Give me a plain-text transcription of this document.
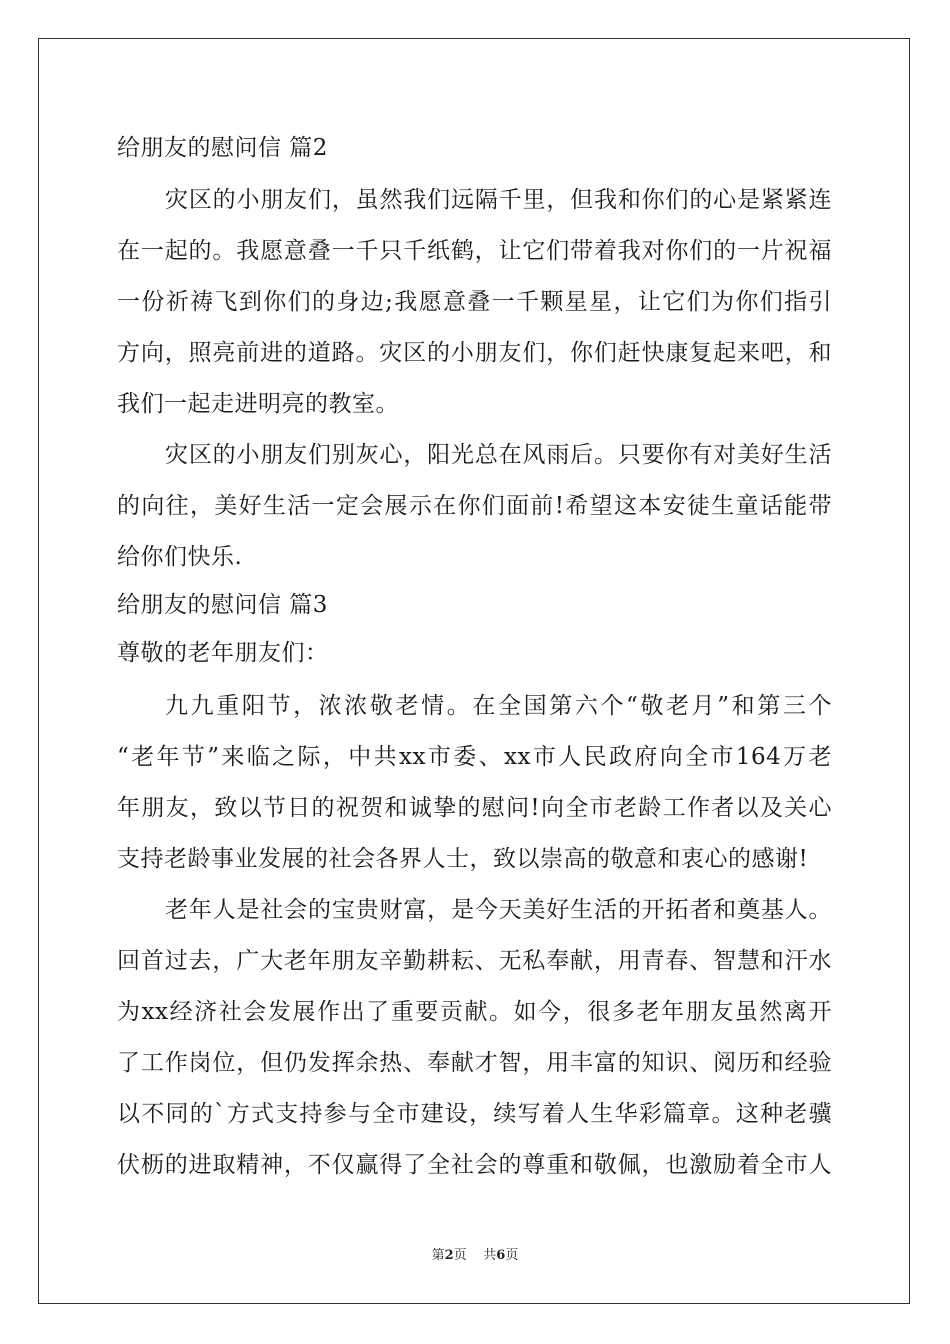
给朋友的慰问信 篇2
灾区的小朋友们，虽然我们远隔千里，但我和你们的心是紧紧连
在一起的。我愿意叠一千只千纸鹤，让它们带着我对你们的一片祝福
一份祈祷飞到你们的身边;我愿意叠一千颗星星，让它们为你们指引
方向，照亮前进的道路。灾区的小朋友们，你们赶快康复起来吧，和
我们一起走进明亮的教室。
灾区的小朋友们别灰心，阳光总在风雨后。只要你有对美好生活
的向往，美好生活一定会展示在你们面前!希望这本安徒生童话能带
给你们快乐.
给朋友的慰问信 篇3
尊敬的老年朋友们：
九九重阳节，浓浓敬老情。在全国第六个“敬老月”和第三个
“老年节”来临之际，中共xx市委、xx市人民政府向全市164万老
年朋友，致以节日的祝贺和诚挚的慰问!向全市老龄工作者以及关心
支持老龄事业发展的社会各界人士，致以崇高的敬意和衷心的感谢!
老年人是社会的宝贵财富，是今天美好生活的开拓者和奠基人。
回首过去，广大老年朋友辛勤耕耘、无私奉献，用青春、智慧和汗水
为xx经济社会发展作出了重要贡献。如今，很多老年朋友虽然离开
了工作岗位，但仍发挥余热、奉献才智，用丰富的知识、阅历和经验
以不同的`方式支持参与全市建设，续写着人生华彩篇章。这种老骥
伏枥的进取精神，不仅赢得了全社会的尊重和敬佩，也激励着全市人
第2页 共6页
